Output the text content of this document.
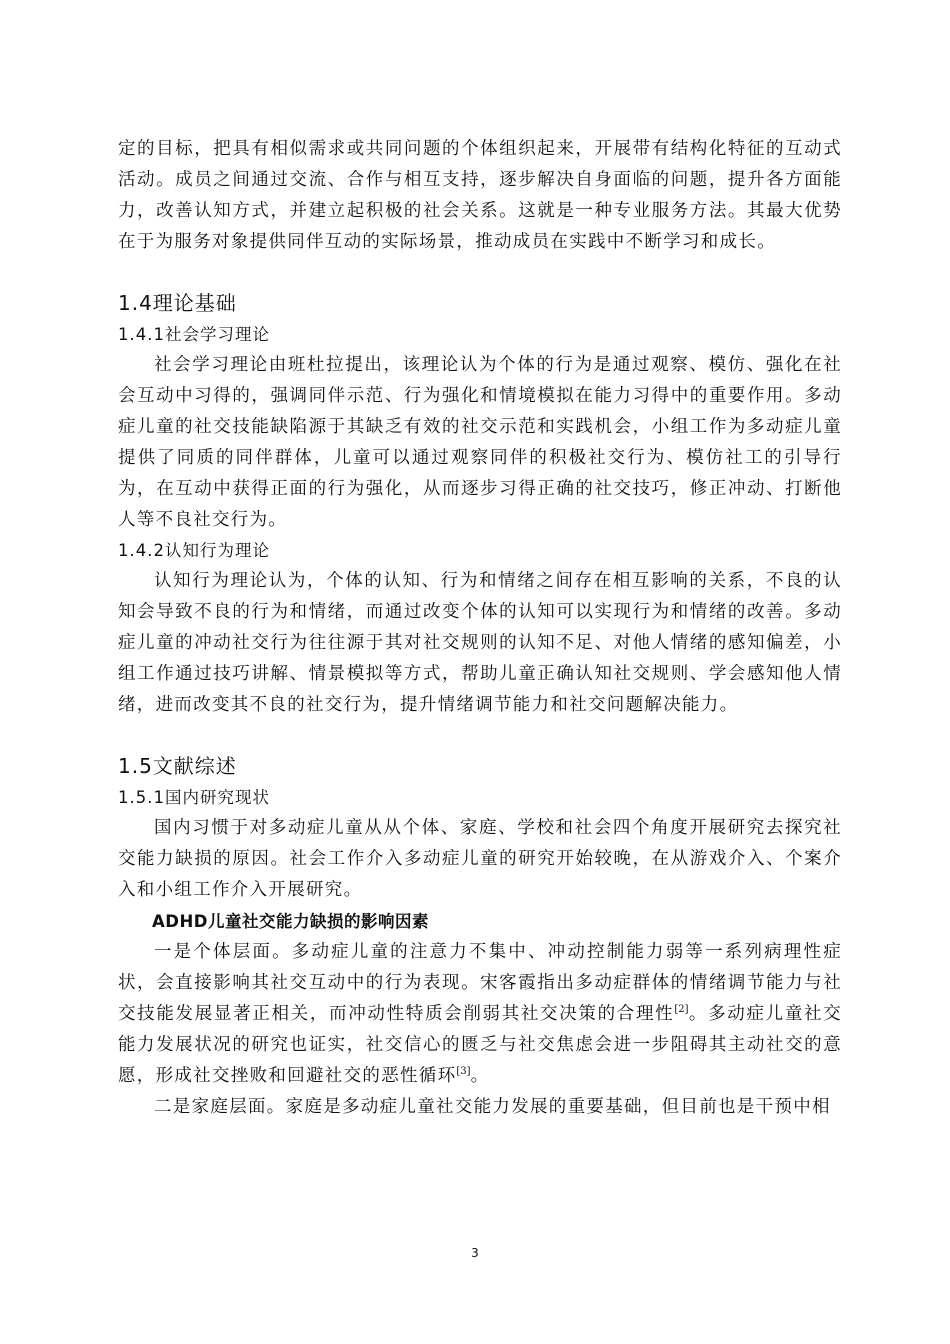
定的目标，把具有相似需求或共同问题的个体组织起来，开展带有结构化特征的互动式活动。成员之间通过交流、合作与相互支持，逐步解决自身面临的问题，提升各方面能力，改善认知方式，并建立起积极的社会关系。这就是一种专业服务方法。其最大优势在于为服务对象提供同伴互动的实际场景，推动成员在实践中不断学习和成长。

1.4理论基础
1.4.1社会学习理论

社会学习理论由班杜拉提出，该理论认为个体的行为是通过观察、模仿、强化在社会互动中习得的，强调同伴示范、行为强化和情境模拟在能力习得中的重要作用。多动症儿童的社交技能缺陷源于其缺乏有效的社交示范和实践机会，小组工作为多动症儿童提供了同质的同伴群体，儿童可以通过观察同伴的积极社交行为、模仿社工的引导行为，在互动中获得正面的行为强化，从而逐步习得正确的社交技巧，修正冲动、打断他人等不良社交行为。

1.4.2认知行为理论

认知行为理论认为，个体的认知、行为和情绪之间存在相互影响的关系，不良的认知会导致不良的行为和情绪，而通过改变个体的认知可以实现行为和情绪的改善。多动症儿童的冲动社交行为往往源于其对社交规则的认知不足、对他人情绪的感知偏差，小组工作通过技巧讲解、情景模拟等方式，帮助儿童正确认知社交规则、学会感知他人情绪，进而改变其不良的社交行为，提升情绪调节能力和社交问题解决能力。

1.5文献综述
1.5.1国内研究现状

国内习惯于对多动症儿童从从个体、家庭、学校和社会四个角度开展研究去探究社交能力缺损的原因。社会工作介入多动症儿童的研究开始较晚，在从游戏介入、个案介入和小组工作介入开展研究。

ADHD儿童社交能力缺损的影响因素

一是个体层面。多动症儿童的注意力不集中、冲动控制能力弱等一系列病理性症状，会直接影响其社交互动中的行为表现。宋客霞指出多动症群体的情绪调节能力与社交技能发展显著正相关，而冲动性特质会削弱其社交决策的合理性[2]。多动症儿童社交能力发展状况的研究也证实，社交信心的匮乏与社交焦虑会进一步阻碍其主动社交的意愿，形成社交挫败和回避社交的恶性循环[3]。

二是家庭层面。家庭是多动症儿童社交能力发展的重要基础，但目前也是干预中相

3
